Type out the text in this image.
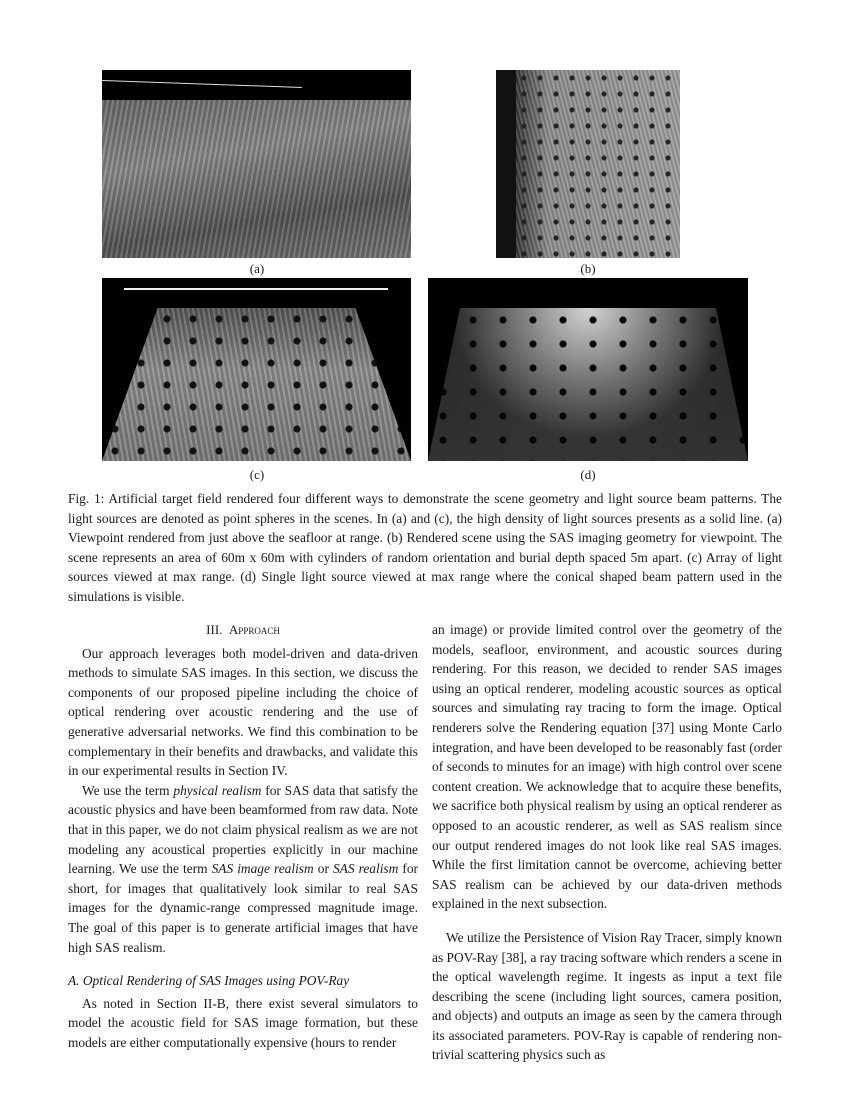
(a)	(b)
(c)	(d)
Fig. 1: Artificial target field rendered four different ways to demonstrate the scene geometry and light source beam patterns. The light sources are denoted as point spheres in the scenes. In (a) and (c), the high density of light sources presents as a solid line. (a) Viewpoint rendered from just above the seafloor at range. (b) Rendered scene using the SAS imaging geometry for viewpoint. The scene represents an area of 60m x 60m with cylinders of random orientation and burial depth spaced 5m apart. (c) Array of light sources viewed at max range. (d) Single light source viewed at max range where the conical shaped beam pattern used in the simulations is visible.
III. Approach

Our approach leverages both model-driven and data-driven methods to simulate SAS images. In this section, we discuss the components of our proposed pipeline including the choice of optical rendering over acoustic rendering and the use of generative adversarial networks. We find this combination to be complementary in their benefits and drawbacks, and validate this in our experimental results in Section IV.

We use the term physical realism for SAS data that satisfy the acoustic physics and have been beamformed from raw data. Note that in this paper, we do not claim physical realism as we are not modeling any acoustical properties explicitly in our machine learning. We use the term SAS image realism or SAS realism for short, for images that qualitatively look similar to real SAS images for the dynamic-range compressed magnitude image. The goal of this paper is to generate artificial images that have high SAS realism.

A. Optical Rendering of SAS Images using POV-Ray

As noted in Section II-B, there exist several simulators to model the acoustic field for SAS image formation, but these models are either computationally expensive (hours to render

an image) or provide limited control over the geometry of the models, seafloor, environment, and acoustic sources during rendering. For this reason, we decided to render SAS images using an optical renderer, modeling acoustic sources as optical sources and simulating ray tracing to form the image. Optical renderers solve the Rendering equation [37] using Monte Carlo integration, and have been developed to be reasonably fast (order of seconds to minutes for an image) with high control over scene content creation. We acknowledge that to acquire these benefits, we sacrifice both physical realism by using an optical renderer as opposed to an acoustic renderer, as well as SAS realism since our output rendered images do not look like real SAS images. While the first limitation cannot be overcome, achieving better SAS realism can be achieved by our data-driven methods explained in the next subsection.

We utilize the Persistence of Vision Ray Tracer, simply known as POV-Ray [38], a ray tracing software which renders a scene in the optical wavelength regime. It ingests as input a text file describing the scene (including light sources, camera position, and objects) and outputs an image as seen by the camera through its associated parameters. POV-Ray is capable of rendering non-trivial scattering physics such as
